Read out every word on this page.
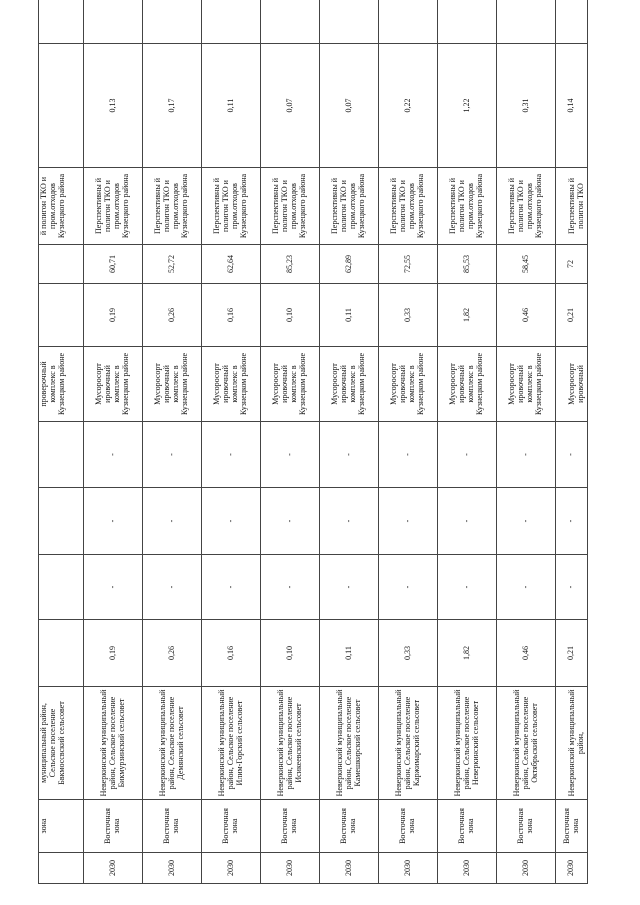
	зона	муниципальный район, Сельское поселение Бвкмоссвский сельсовет					проверочный комплекс в Кузнецком районе			й полигон ТКО и пром.отходов Кузнецкого района		
2030	Восточная зона	Неверкинский муниципальный район, Сельское поселение Бикмурзинский сельсовет	0,19	-	-	-	Мусоросорт ировочный комплекс в Кузнецком районе	0,19	60,71	Перспективны й полигон ТКО и пром.отходов Кузнецкого района	0,13	
2030	Восточная зона	Неверкинский муниципальный район, Сельское поселение Демянский сельсовет	0,26	-	-	-	Мусоросорт ировочный комплекс в Кузнецком районе	0,26	52,72	Перспективны й полигон ТКО и пром.отходов Кузнецкого района	0,17	
2030	Восточная зона	Неверкинский муниципальный район, Сельское поселение Илим-Горский сельсовет	0,16	-	-	-	Мусоросорт ировочный комплекс в Кузнецком районе	0,16	62,64	Перспективны й полигон ТКО и пром.отходов Кузнецкого района	0,11	
2030	Восточная зона	Неверкинский муниципальный район, Сельское поселение Исикеевский сельсовет	0,10	-	-	-	Мусоросорт ировочный комплекс в Кузнецком районе	0,10	85,23	Перспективны й полигон ТКО и пром.отходов Кузнецкого района	0,07	
2030	Восточная зона	Неверкинский муниципальный район, Сельское поселение Камешкирский сельсовет	0,11	-	-	-	Мусоросорт ировочный комплекс в Кузнецком районе	0,11	62,89	Перспективны й полигон ТКО и пром.отходов Кузнецкого района	0,07	
2030	Восточная зона	Неверкинский муниципальный район, Сельское поселение Каржимарский сельсовет	0,33	-	-	-	Мусоросорт ировочный комплекс в Кузнецком районе	0,33	72,55	Перспективны й полигон ТКО и пром.отходов Кузнецкого района	0,22	
2030	Восточная зона	Неверкинский муниципальный район, Сельское поселение Неверкинский сельсовет	1,82	-	-	-	Мусоросорт ировочный комплекс в Кузнецком районе	1,82	85,53	Перспективны й полигон ТКО и пром.отходов Кузнецкого района	1,22	
2030	Восточная зона	Неверкинский муниципальный район, Сельское поселение Октябрьский сельсовет	0,46	-	-	-	Мусоросорт ировочный комплекс в Кузнецком районе	0,46	58,45	Перспективны й полигон ТКО и пром.отходов Кузнецкого района	0,31	
2030	Восточная зона	Неверкинский муниципальный район,	0,21	-	-	-	Мусоросорт ировочный	0,21	72	Перспективны й полигон ТКО	0,14	
